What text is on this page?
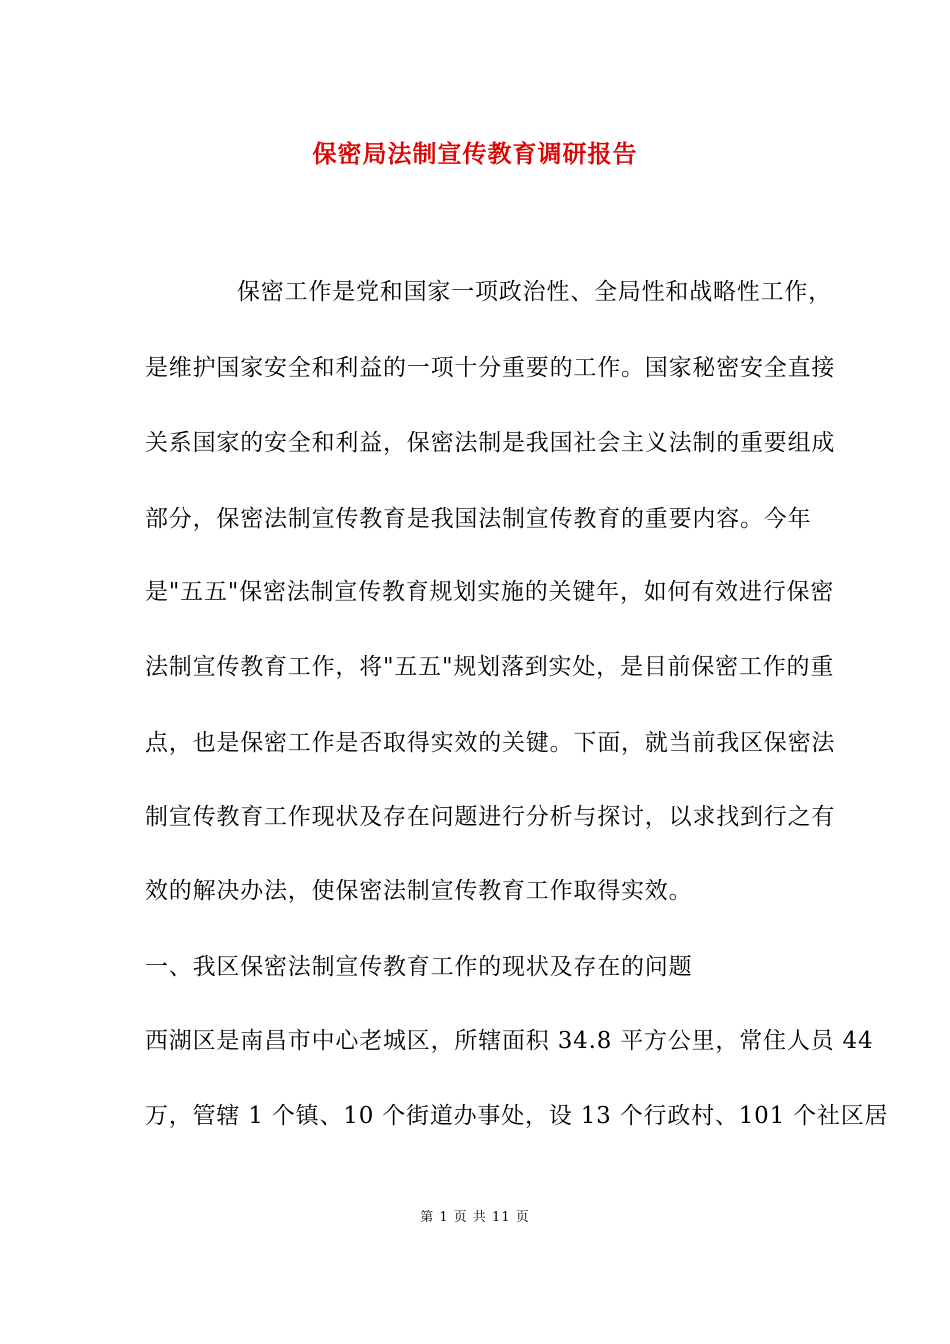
保密局法制宣传教育调研报告
保密工作是党和国家一项政治性、全局性和战略性工作，
是维护国家安全和利益的一项十分重要的工作。国家秘密安全直接
关系国家的安全和利益，保密法制是我国社会主义法制的重要组成
部分，保密法制宣传教育是我国法制宣传教育的重要内容。今年
是"五五"保密法制宣传教育规划实施的关键年，如何有效进行保密
法制宣传教育工作，将"五五"规划落到实处，是目前保密工作的重
点，也是保密工作是否取得实效的关键。下面，就当前我区保密法
制宣传教育工作现状及存在问题进行分析与探讨，以求找到行之有
效的解决办法，使保密法制宣传教育工作取得实效。
一、我区保密法制宣传教育工作的现状及存在的问题
西湖区是南昌市中心老城区，所辖面积 34.8 平方公里，常住人员 44
万，管辖 1 个镇、10 个街道办事处，设 13 个行政村、101 个社区居
第 1 页 共 11 页
